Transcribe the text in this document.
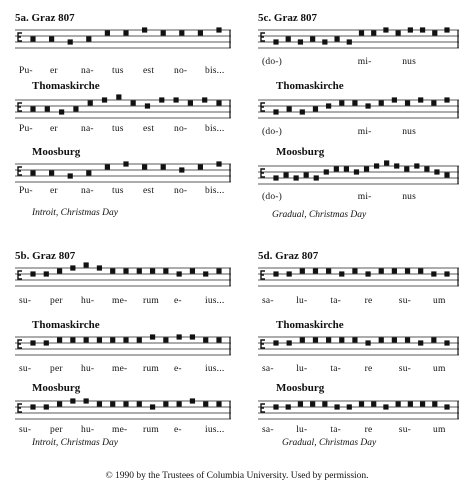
5a. Graz 807
Thomaskirche
Moosburg
Introit, Christmas Day
5c. Graz 807
Thomaskirche
Moosburg
Gradual, Christmas Day
5b. Graz 807
Thomaskirche
Moosburg
Introit, Christmas Day
5d. Graz 807
Thomaskirche
Moosburg
Gradual, Christmas Day
© 1990 by the Trustees of Columbia University. Used by permission.
Pu- er na- tus est no- bis...
Pu- er na- tus est no- bis...
Pu- er na- tus est no- bis...
(do-)	mi-	nus
(do-)	mi-	nus
(do-)	mi-	nus
su- per hu- me- rum e- ius...
su- per hu- me- rum e- ius...
su- per hu- me- rum e- ius...
sa- lu- ta- re	su- um
sa- lu- ta- re	su- um
sa- lu- ta- re	su- um
